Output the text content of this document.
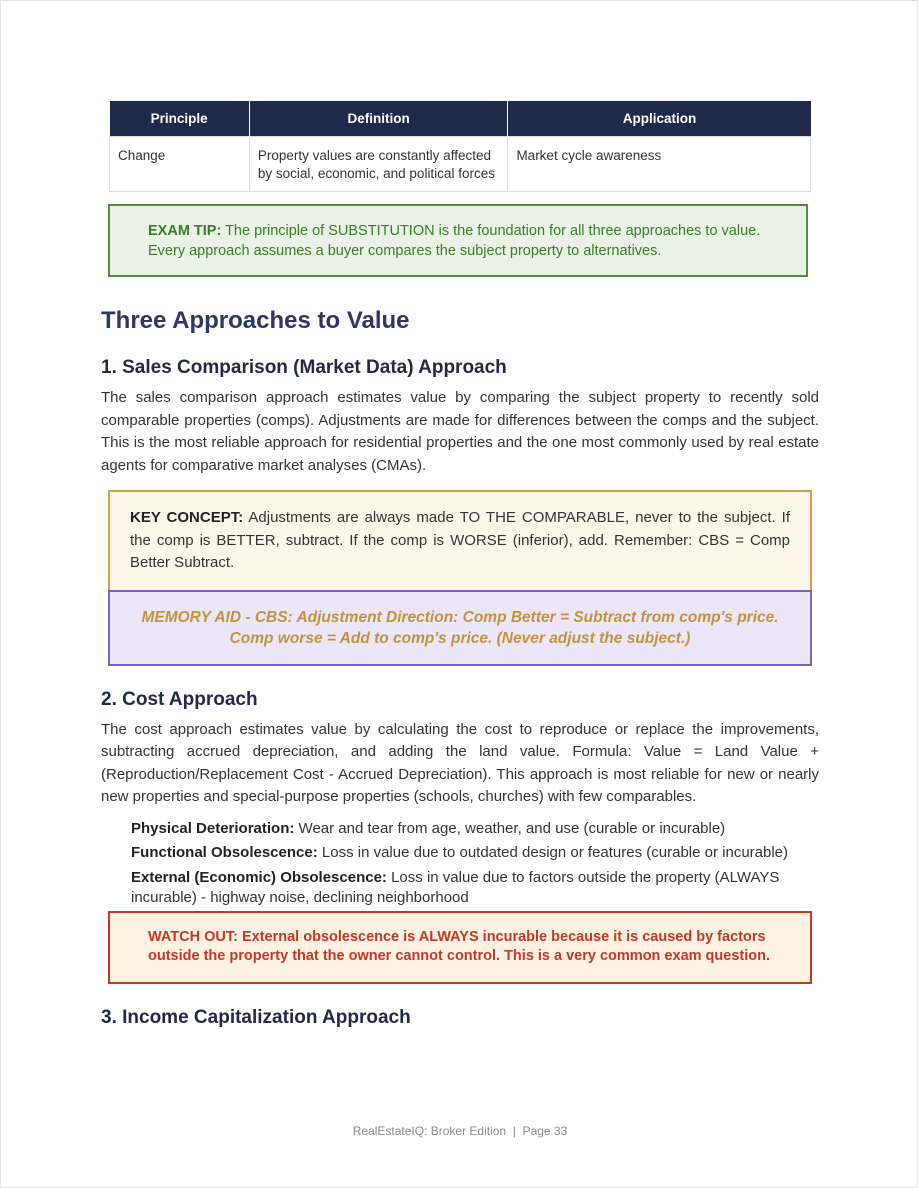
Principle	Definition	Application
Change	Property values are constantly affected by social, economic, and political forces	Market cycle awareness
EXAM TIP: The principle of SUBSTITUTION is the foundation for all three approaches to value. Every approach assumes a buyer compares the subject property to alternatives.
Three Approaches to Value
1. Sales Comparison (Market Data) Approach

The sales comparison approach estimates value by comparing the subject property to recently sold comparable properties (comps). Adjustments are made for differences between the comps and the subject. This is the most reliable approach for residential properties and the one most commonly used by real estate agents for comparative market analyses (CMAs).

KEY CONCEPT: Adjustments are always made TO THE COMPARABLE, never to the subject. If the comp is BETTER, subtract. If the comp is WORSE (inferior), add. Remember: CBS = Comp Better Subtract.
MEMORY AID - CBS: Adjustment Direction: Comp Better = Subtract from comp's price. Comp worse = Add to comp's price. (Never adjust the subject.)
2. Cost Approach

The cost approach estimates value by calculating the cost to reproduce or replace the improvements, subtracting accrued depreciation, and adding the land value. Formula: Value = Land Value + (Reproduction/Replacement Cost - Accrued Depreciation). This approach is most reliable for new or nearly new properties and special-purpose properties (schools, churches) with few comparables.

Physical Deterioration: Wear and tear from age, weather, and use (curable or incurable)
Functional Obsolescence: Loss in value due to outdated design or features (curable or incurable)
External (Economic) Obsolescence: Loss in value due to factors outside the property (ALWAYS incurable) - highway noise, declining neighborhood
WATCH OUT: External obsolescence is ALWAYS incurable because it is caused by factors outside the property that the owner cannot control. This is a very common exam question.
3. Income Capitalization Approach
RealEstateIQ: Broker Edition  |  Page 33
